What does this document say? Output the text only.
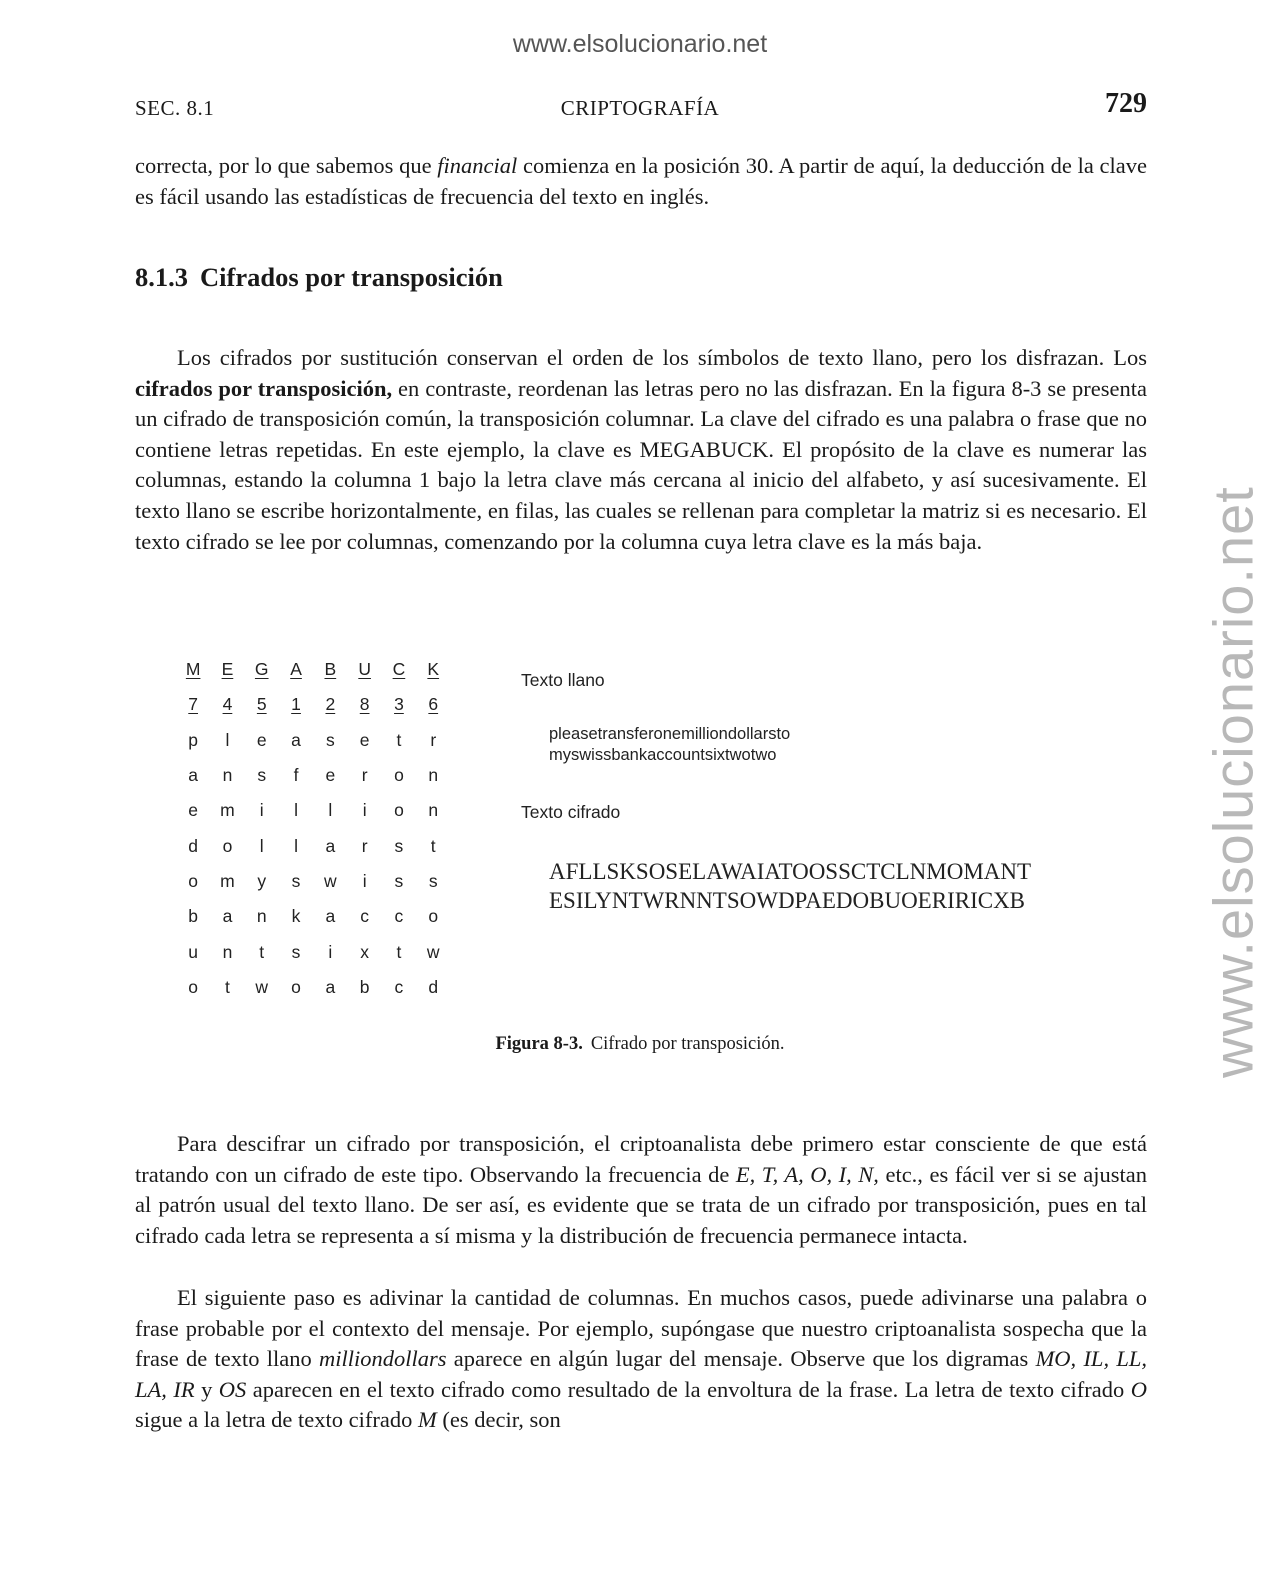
www.elsolucionario.net
www.elsolucionario.net
SEC. 8.1	CRIPTOGRAFÍA	729

correcta, por lo que sabemos que financial comienza en la posición 30. A partir de aquí, la deducción de la clave es fácil usando las estadísticas de frecuencia del texto en inglés.

8.1.3 Cifrados por transposición

Los cifrados por sustitución conservan el orden de los símbolos de texto llano, pero los disfrazan. Los cifrados por transposición, en contraste, reordenan las letras pero no las disfrazan. En la figura 8-3 se presenta un cifrado de transposición común, la transposición columnar. La clave del cifrado es una palabra o frase que no contiene letras repetidas. En este ejemplo, la clave es MEGABUCK. El propósito de la clave es numerar las columnas, estando la columna 1 bajo la letra clave más cercana al inicio del alfabeto, y así sucesivamente. El texto llano se escribe horizontalmente, en filas, las cuales se rellenan para completar la matriz si es necesario. El texto cifrado se lee por columnas, comenzando por la columna cuya letra clave es la más baja.

M	E	G	A	B	U	C	K
7	4	5	1	2	8	3	6
p	l	e	a	s	e	t	r
a	n	s	f	e	r	o	n
e	m	i	l	l	i	o	n
d	o	l	l	a	r	s	t
o	m	y	s	w	i	s	s
b	a	n	k	a	c	c	o
u	n	t	s	i	x	t	w
o	t	w	o	a	b	c	d
Texto llano
pleasetransferonemilliondollarsto
myswissbankaccountsixtwotwo
Texto cifrado
AFLLSKSOSELAWAIATOOSSCTCLNMOMANT
ESILYNTWRNNTSOWDPAEDOBUOERIRICXB
Figura 8-3. Cifrado por transposición.

Para descifrar un cifrado por transposición, el criptoanalista debe primero estar consciente de que está tratando con un cifrado de este tipo. Observando la frecuencia de E, T, A, O, I, N, etc., es fácil ver si se ajustan al patrón usual del texto llano. De ser así, es evidente que se trata de un cifrado por transposición, pues en tal cifrado cada letra se representa a sí misma y la distribución de frecuencia permanece intacta.

El siguiente paso es adivinar la cantidad de columnas. En muchos casos, puede adivinarse una palabra o frase probable por el contexto del mensaje. Por ejemplo, supóngase que nuestro criptoanalista sospecha que la frase de texto llano milliondollars aparece en algún lugar del mensaje. Observe que los digramas MO, IL, LL, LA, IR y OS aparecen en el texto cifrado como resultado de la envoltura de la frase. La letra de texto cifrado O sigue a la letra de texto cifrado M (es decir, son
